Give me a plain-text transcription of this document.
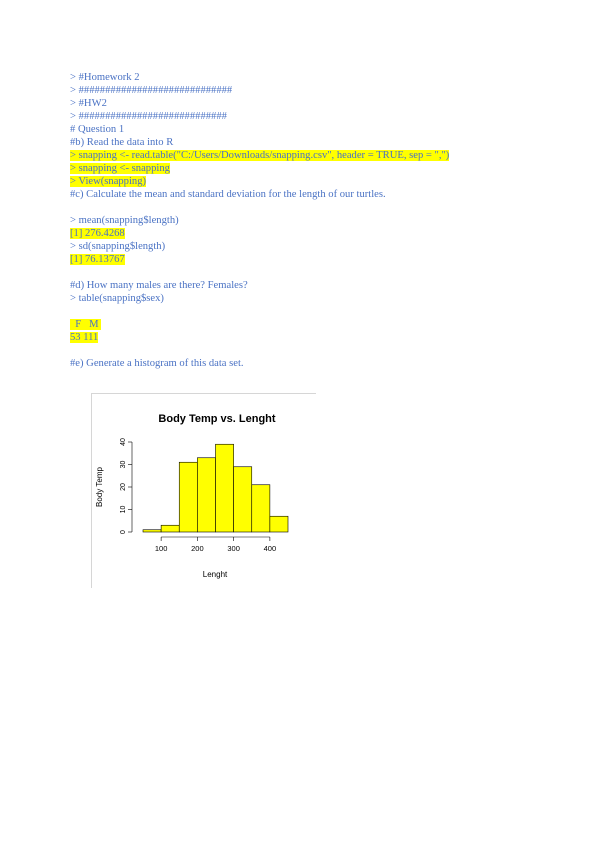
> #Homework 2
> #############################
> #HW2
> ############################
# Question 1
#b) Read the data into R
> snapping <- read.table("C:/Users/Downloads/snapping.csv", header = TRUE, sep = ",")
> snapping <- snapping
> View(snapping)
#c) Calculate the mean and standard deviation for the length of our turtles.
> mean(snapping$length)
[1] 276.4268
> sd(snapping$length)
[1] 76.13767
#d) How many males are there? Females?
> table(snapping$sex)
F   M
53 111
#e) Generate a histogram of this data set.
Body Temp vs. Lenght
Body Temp
Lenght
0
10
20
30
40
100	200	300	400
